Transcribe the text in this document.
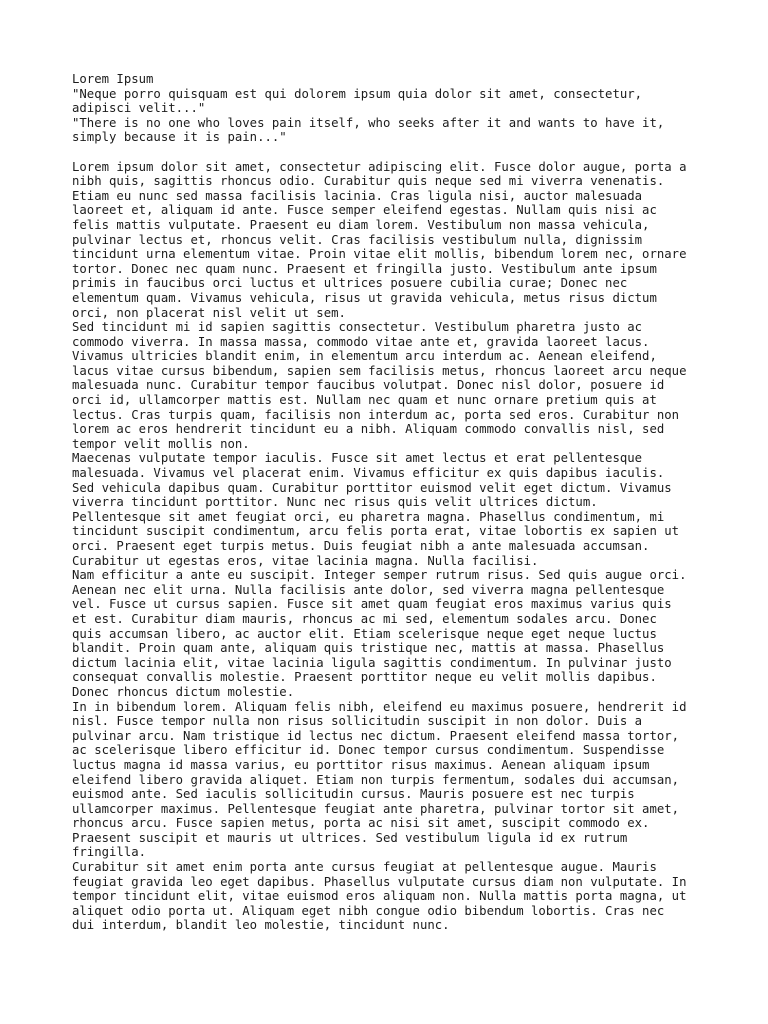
Lorem Ipsum
"Neque porro quisquam est qui dolorem ipsum quia dolor sit amet, consectetur,
adipisci velit..."
"There is no one who loves pain itself, who seeks after it and wants to have it,
simply because it is pain..."
Lorem ipsum dolor sit amet, consectetur adipiscing elit. Fusce dolor augue, porta a
nibh quis, sagittis rhoncus odio. Curabitur quis neque sed mi viverra venenatis.
Etiam eu nunc sed massa facilisis lacinia. Cras ligula nisi, auctor malesuada
laoreet et, aliquam id ante. Fusce semper eleifend egestas. Nullam quis nisi ac
felis mattis vulputate. Praesent eu diam lorem. Vestibulum non massa vehicula,
pulvinar lectus et, rhoncus velit. Cras facilisis vestibulum nulla, dignissim
tincidunt urna elementum vitae. Proin vitae elit mollis, bibendum lorem nec, ornare
tortor. Donec nec quam nunc. Praesent et fringilla justo. Vestibulum ante ipsum
primis in faucibus orci luctus et ultrices posuere cubilia curae; Donec nec
elementum quam. Vivamus vehicula, risus ut gravida vehicula, metus risus dictum
orci, non placerat nisl velit ut sem.
Sed tincidunt mi id sapien sagittis consectetur. Vestibulum pharetra justo ac
commodo viverra. In massa massa, commodo vitae ante et, gravida laoreet lacus.
Vivamus ultricies blandit enim, in elementum arcu interdum ac. Aenean eleifend,
lacus vitae cursus bibendum, sapien sem facilisis metus, rhoncus laoreet arcu neque
malesuada nunc. Curabitur tempor faucibus volutpat. Donec nisl dolor, posuere id
orci id, ullamcorper mattis est. Nullam nec quam et nunc ornare pretium quis at
lectus. Cras turpis quam, facilisis non interdum ac, porta sed eros. Curabitur non
lorem ac eros hendrerit tincidunt eu a nibh. Aliquam commodo convallis nisl, sed
tempor velit mollis non.
Maecenas vulputate tempor iaculis. Fusce sit amet lectus et erat pellentesque
malesuada. Vivamus vel placerat enim. Vivamus efficitur ex quis dapibus iaculis.
Sed vehicula dapibus quam. Curabitur porttitor euismod velit eget dictum. Vivamus
viverra tincidunt porttitor. Nunc nec risus quis velit ultrices dictum.
Pellentesque sit amet feugiat orci, eu pharetra magna. Phasellus condimentum, mi
tincidunt suscipit condimentum, arcu felis porta erat, vitae lobortis ex sapien ut
orci. Praesent eget turpis metus. Duis feugiat nibh a ante malesuada accumsan.
Curabitur ut egestas eros, vitae lacinia magna. Nulla facilisi.
Nam efficitur a ante eu suscipit. Integer semper rutrum risus. Sed quis augue orci.
Aenean nec elit urna. Nulla facilisis ante dolor, sed viverra magna pellentesque
vel. Fusce ut cursus sapien. Fusce sit amet quam feugiat eros maximus varius quis
et est. Curabitur diam mauris, rhoncus ac mi sed, elementum sodales arcu. Donec
quis accumsan libero, ac auctor elit. Etiam scelerisque neque eget neque luctus
blandit. Proin quam ante, aliquam quis tristique nec, mattis at massa. Phasellus
dictum lacinia elit, vitae lacinia ligula sagittis condimentum. In pulvinar justo
consequat convallis molestie. Praesent porttitor neque eu velit mollis dapibus.
Donec rhoncus dictum molestie.
In in bibendum lorem. Aliquam felis nibh, eleifend eu maximus posuere, hendrerit id
nisl. Fusce tempor nulla non risus sollicitudin suscipit in non dolor. Duis a
pulvinar arcu. Nam tristique id lectus nec dictum. Praesent eleifend massa tortor,
ac scelerisque libero efficitur id. Donec tempor cursus condimentum. Suspendisse
luctus magna id massa varius, eu porttitor risus maximus. Aenean aliquam ipsum
eleifend libero gravida aliquet. Etiam non turpis fermentum, sodales dui accumsan,
euismod ante. Sed iaculis sollicitudin cursus. Mauris posuere est nec turpis
ullamcorper maximus. Pellentesque feugiat ante pharetra, pulvinar tortor sit amet,
rhoncus arcu. Fusce sapien metus, porta ac nisi sit amet, suscipit commodo ex.
Praesent suscipit et mauris ut ultrices. Sed vestibulum ligula id ex rutrum
fringilla.
Curabitur sit amet enim porta ante cursus feugiat at pellentesque augue. Mauris
feugiat gravida leo eget dapibus. Phasellus vulputate cursus diam non vulputate. In
tempor tincidunt elit, vitae euismod eros aliquam non. Nulla mattis porta magna, ut
aliquet odio porta ut. Aliquam eget nibh congue odio bibendum lobortis. Cras nec
dui interdum, blandit leo molestie, tincidunt nunc.
